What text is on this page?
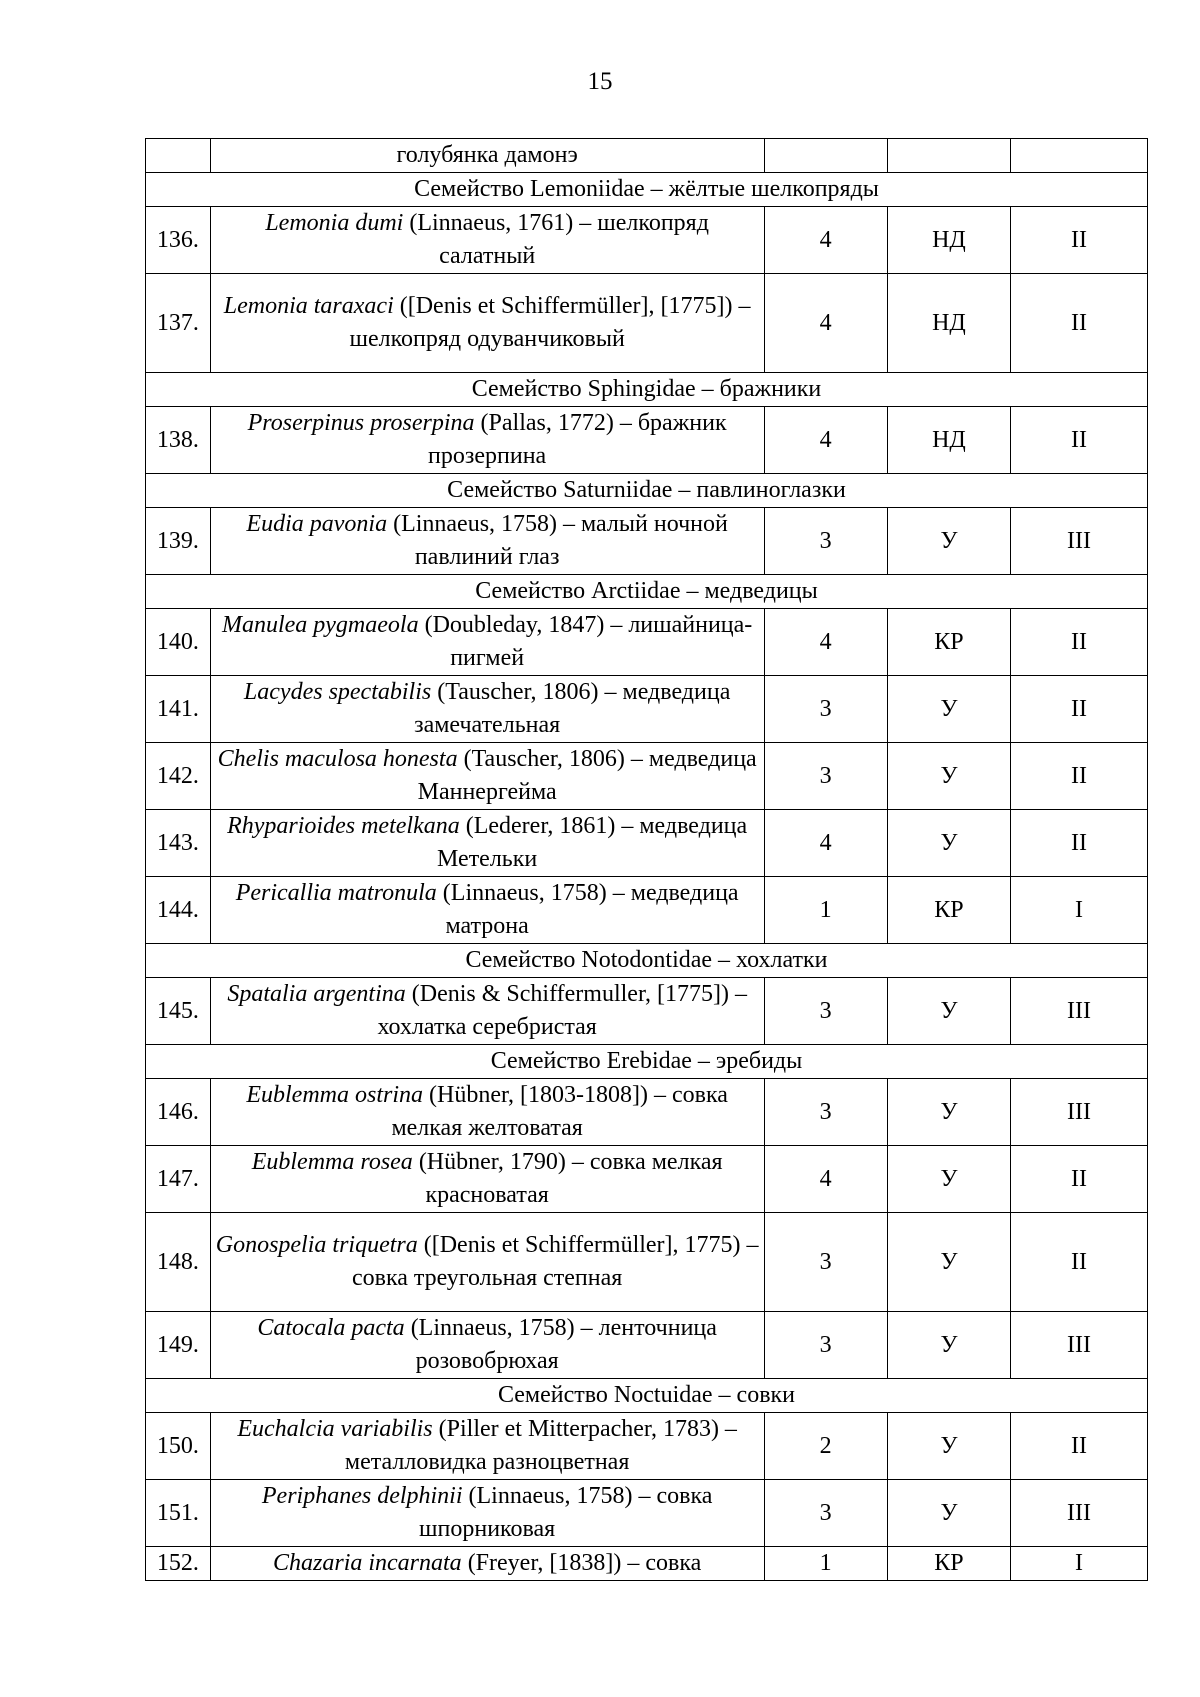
15
	голубянка дамонэ			
Семейство Lemoniidae – жёлтые шелкопряды				
136.	Lemonia dumi (Linnaeus, 1761) – шелкопряд салатный	4	НД	II
137.	Lemonia taraxaci ([Denis et Schiffermüller], [1775]) – шелкопряд одуванчиковый	4	НД	II
Семейство Sphingidae – бражники				
138.	Proserpinus proserpina (Pallas, 1772) – бражник прозерпина	4	НД	II
Семейство Saturniidae – павлиноглазки				
139.	Eudia pavonia (Linnaeus, 1758) – малый ночной павлиний глаз	3	У	III
Семейство Arctiidae – медведицы				
140.	Manulea pygmaeola (Doubleday, 1847) – лишайница-пигмей	4	КР	II
141.	Lacydes spectabilis (Tauscher, 1806) – медведица замечательная	3	У	II
142.	Chelis maculosa honesta (Tauscher, 1806) – медведица Маннергейма	3	У	II
143.	Rhyparioides metelkana (Lederer, 1861) – медведица Метельки	4	У	II
144.	Pericallia matronula (Linnaeus, 1758) – медведица матрона	1	КР	I
Семейство Notodontidae – хохлатки				
145.	Spatalia argentina (Denis & Schiffermuller, [1775]) – хохлатка серебристая	3	У	III
Семейство Erebidae – эребиды				
146.	Eublemma ostrina (Hübner, [1803-1808]) – совка мелкая желтоватая	3	У	III
147.	Eublemma rosea (Hübner, 1790) – совка мелкая красноватая	4	У	II
148.	Gonospelia triquetra ([Denis et Schiffermüller], 1775) – совка треугольная степная	3	У	II
149.	Catocala pacta (Linnaeus, 1758) – ленточница розовобрюхая	3	У	III
Семейство Noctuidae – совки				
150.	Euchalcia variabilis (Piller et Mitterpacher, 1783) – металловидка разноцветная	2	У	II
151.	Periphanes delphinii (Linnaeus, 1758) – совка шпорниковая	3	У	III
152.	Chazaria incarnata (Freyer, [1838]) – совка	1	КР	I
